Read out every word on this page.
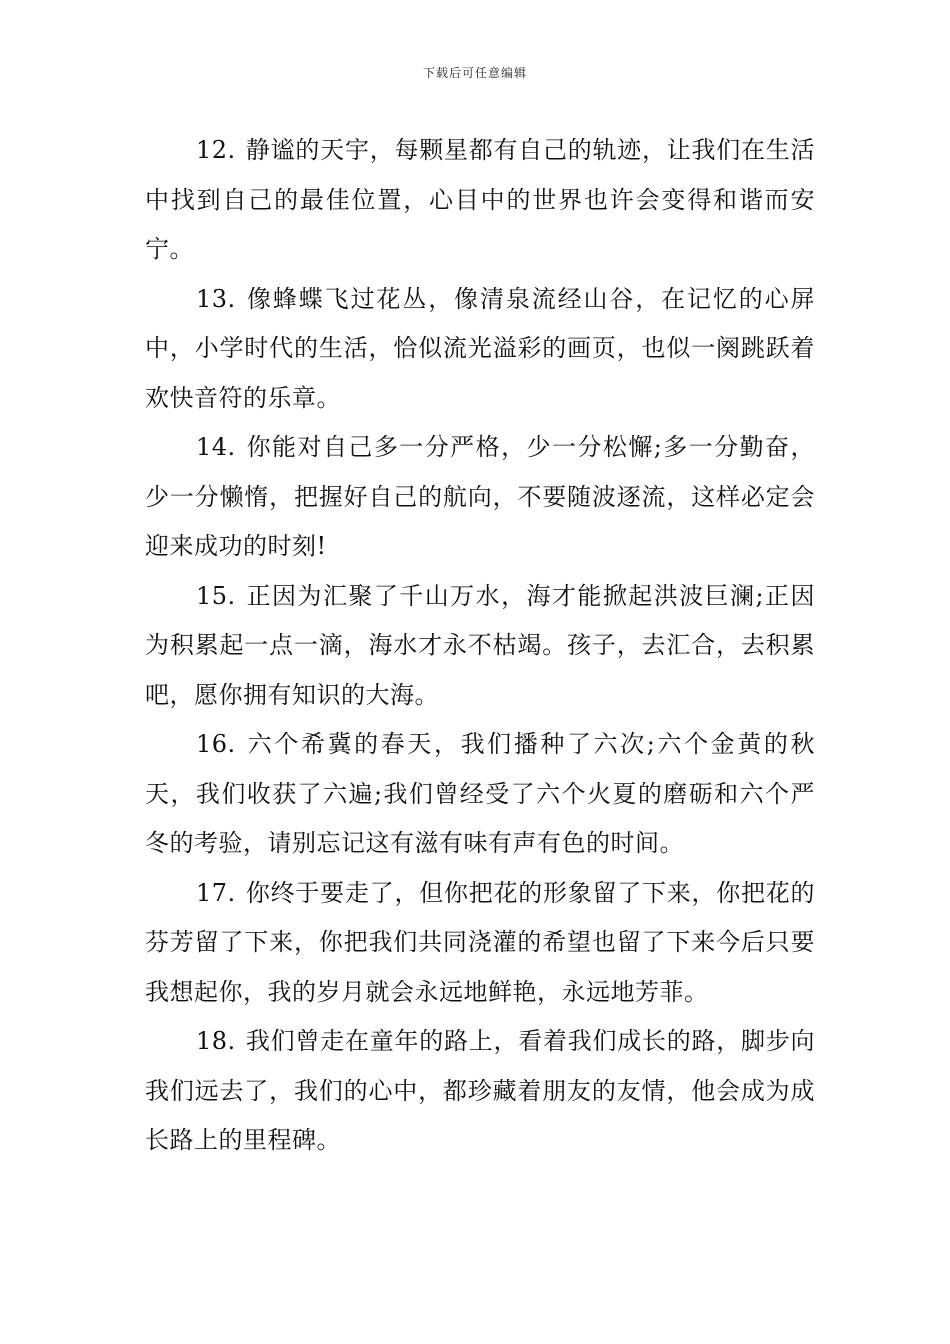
下载后可任意编辑

12. 静谧的天宇，每颗星都有自己的轨迹，让我们在生活中找到自己的最佳位置，心目中的世界也许会变得和谐而安宁。

13. 像蜂蝶飞过花丛，像清泉流经山谷，在记忆的心屏中，小学时代的生活，恰似流光溢彩的画页，也似一阕跳跃着欢快音符的乐章。

14. 你能对自己多一分严格，少一分松懈;多一分勤奋，少一分懒惰，把握好自己的航向，不要随波逐流，这样必定会迎来成功的时刻!

15. 正因为汇聚了千山万水，海才能掀起洪波巨澜;正因为积累起一点一滴，海水才永不枯竭。孩子，去汇合，去积累吧，愿你拥有知识的大海。

16. 六个希冀的春天，我们播种了六次;六个金黄的秋天，我们收获了六遍;我们曾经受了六个火夏的磨砺和六个严冬的考验，请别忘记这有滋有味有声有色的时间。

17. 你终于要走了，但你把花的形象留了下来，你把花的芬芳留了下来，你把我们共同浇灌的希望也留了下来今后只要我想起你，我的岁月就会永远地鲜艳，永远地芳菲。

18. 我们曾走在童年的路上，看着我们成长的路，脚步向我们远去了，我们的心中，都珍藏着朋友的友情，他会成为成长路上的里程碑。
